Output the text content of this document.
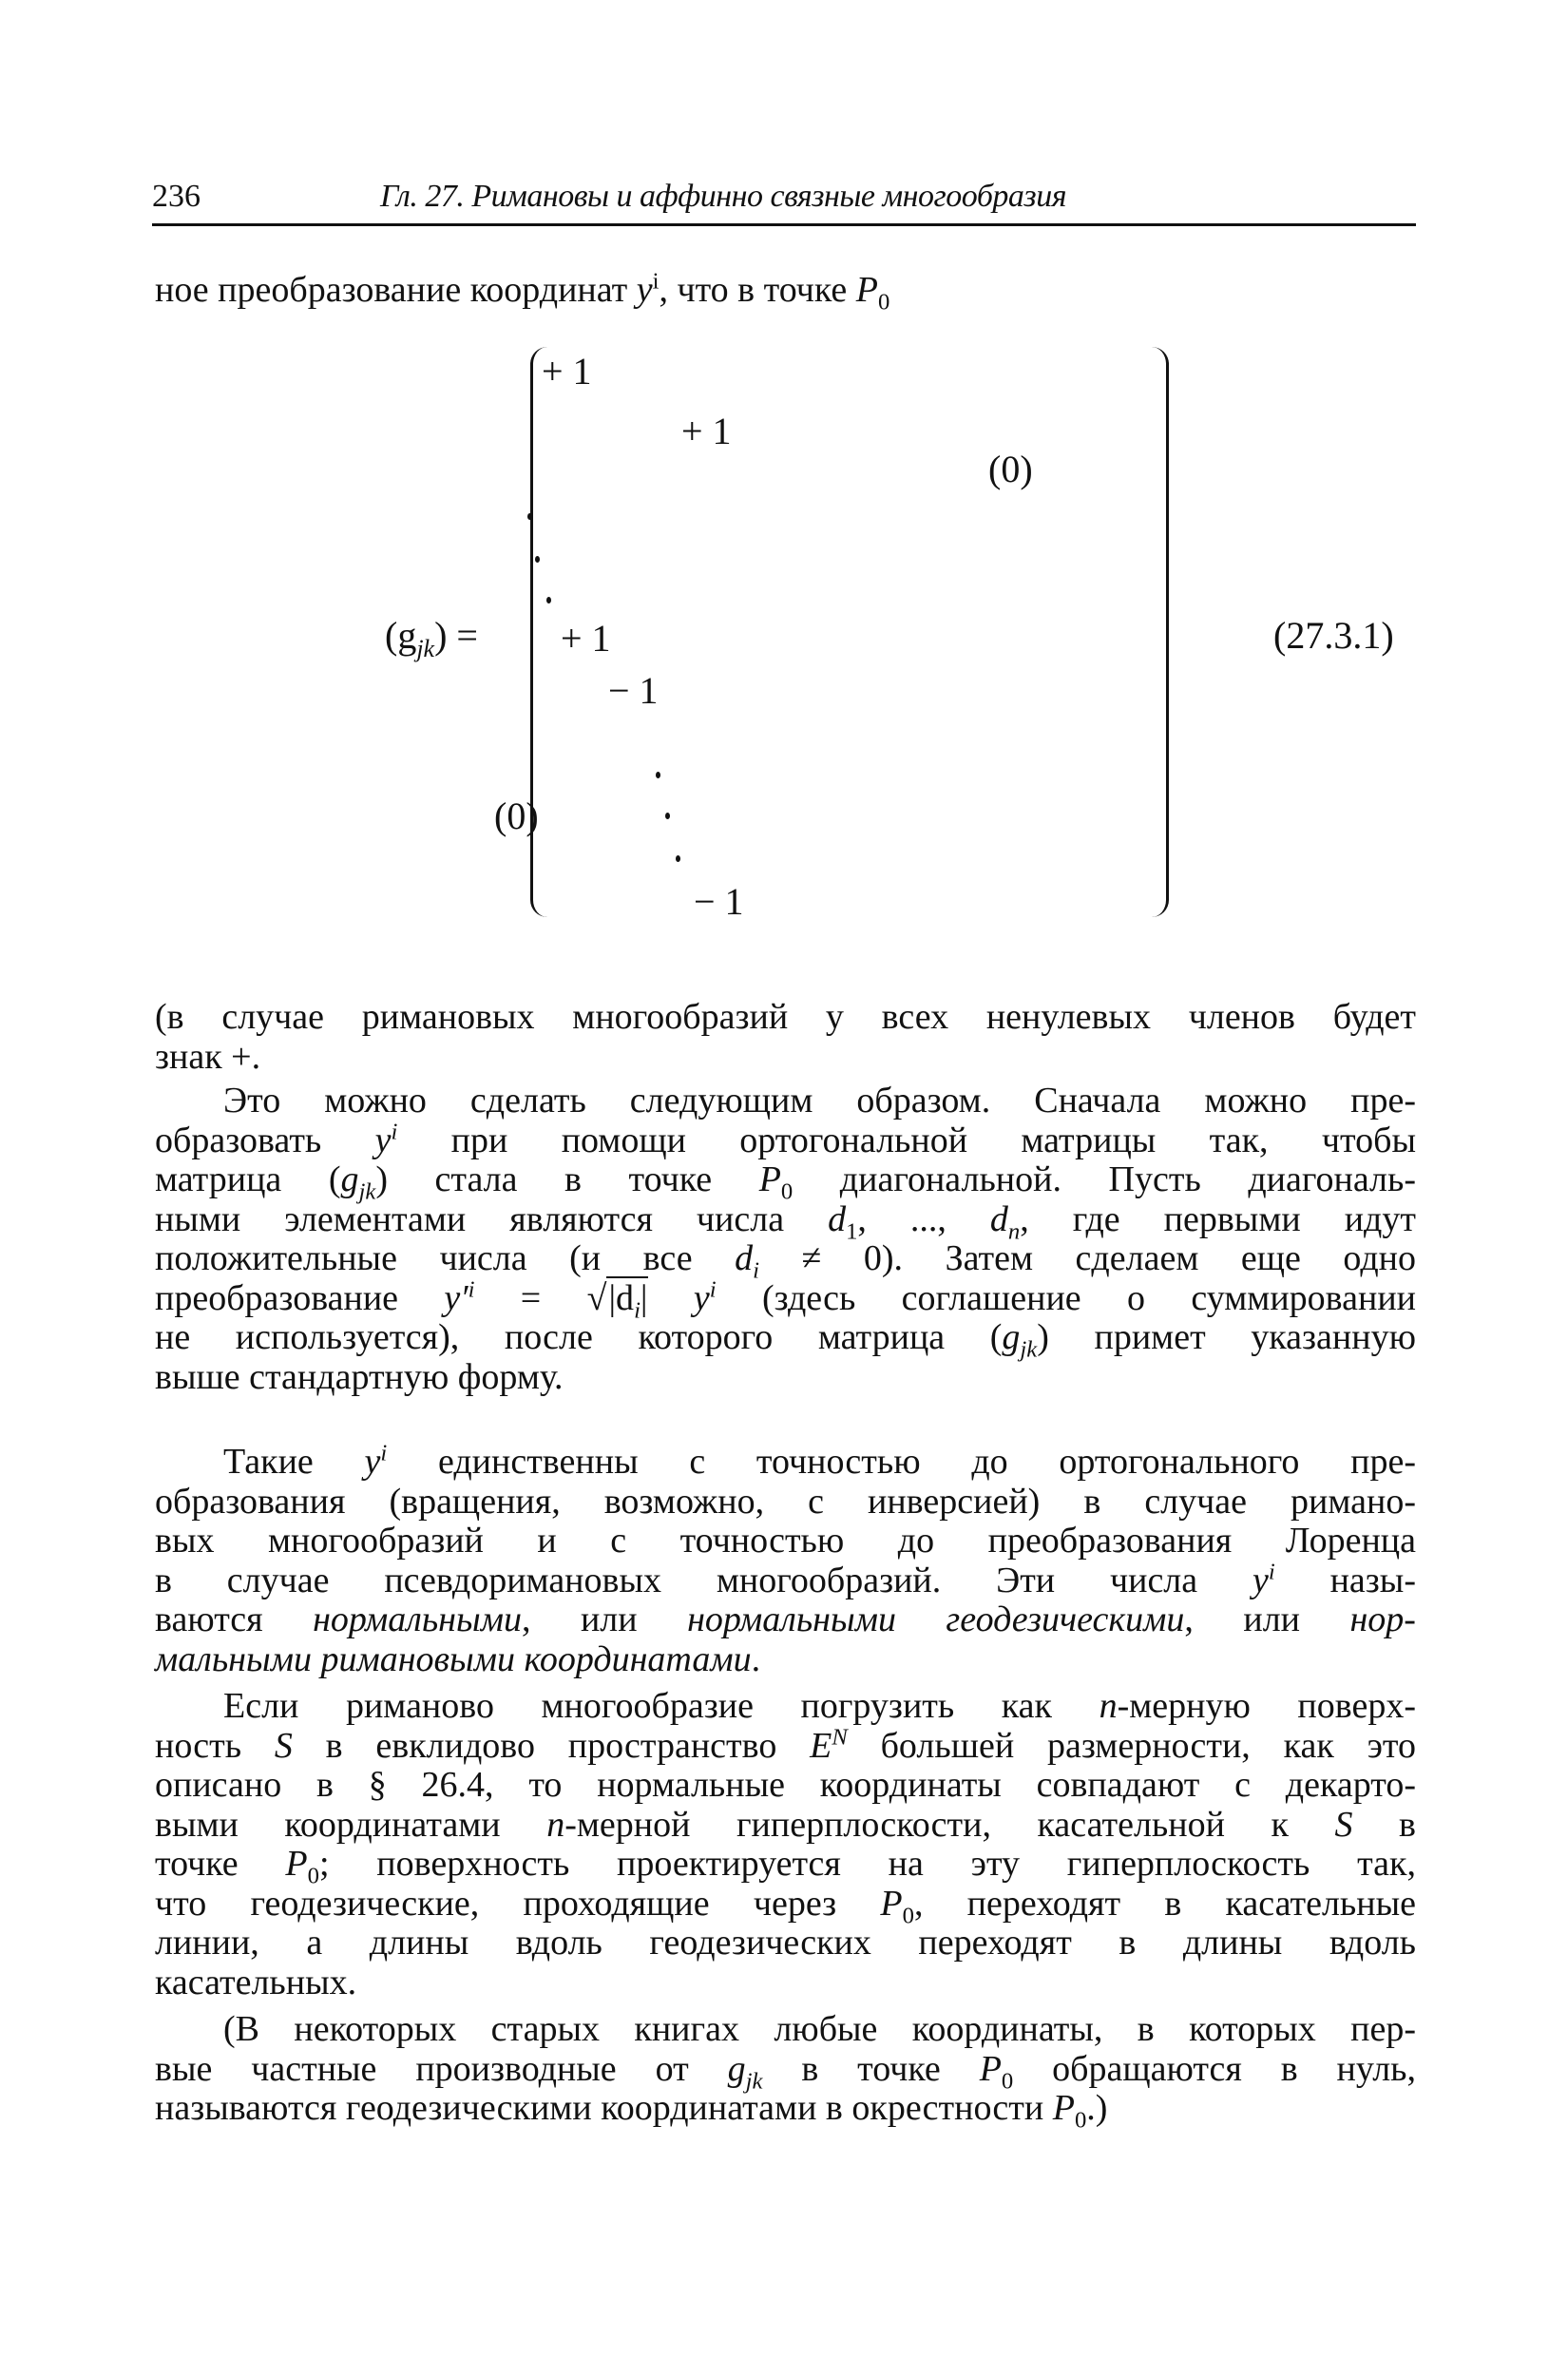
236	Гл. 27. Римановы и аффинно связные многообразия
ное преобразование координат $y^i$, что в точке $P_0$
$(g_{jk})$ =
+ 1
+ 1
(0)
+ 1
− 1
(0)
− 1
(27.3.1)
(в случае римановых многообразий у всех ненулевых членов будет
знак +.
Это можно сделать следующим образом. Сначала можно пре-
образовать $y^i$ при помощи ортогональной матрицы так, чтобы
матрица $(g_{jk})$ стала в точке $P_0$ диагональной. Пусть диагональ-
ными элементами являются числа $d_1$, ..., $d_n$, где первыми идут
положительные числа (и все $d_i \ne 0$). Затем сделаем еще одно
преобразование $y'^i = √|d_i|$ $y^i$ (здесь соглашение о суммировании
не используется), после которого матрица $(g_{jk})$ примет указанную
выше стандартную форму.
Такие $y^i$ единственны с точностью до ортогонального пре-
образования (вращения, возможно, с инверсией) в случае римано-
вых многообразий и с точностью до преобразования Лоренца
в случае псевдоримановых многообразий. Эти числа $y^i$ назы-
ваются нормальными, или нормальными геодезическими, или нор-
мальными римановыми координатами.
Если риманово многообразие погрузить как n-мерную поверх-
ность S в евклидово пространство $E^N$ большей размерности, как это
описано в § 26.4, то нормальные координаты совпадают с декарто-
выми координатами n-мерной гиперплоскости, касательной к S в
точке $P_0$; поверхность проектируется на эту гиперплоскость так,
что геодезические, проходящие через $P_0$, переходят в касательные
линии, а длины вдоль геодезических переходят в длины вдоль
касательных.
(В некоторых старых книгах любые координаты, в которых пер-
вые частные производные от $g_{jk}$ в точке $P_0$ обращаются в нуль,
называются геодезическими координатами в окрестности $P_0$.)
